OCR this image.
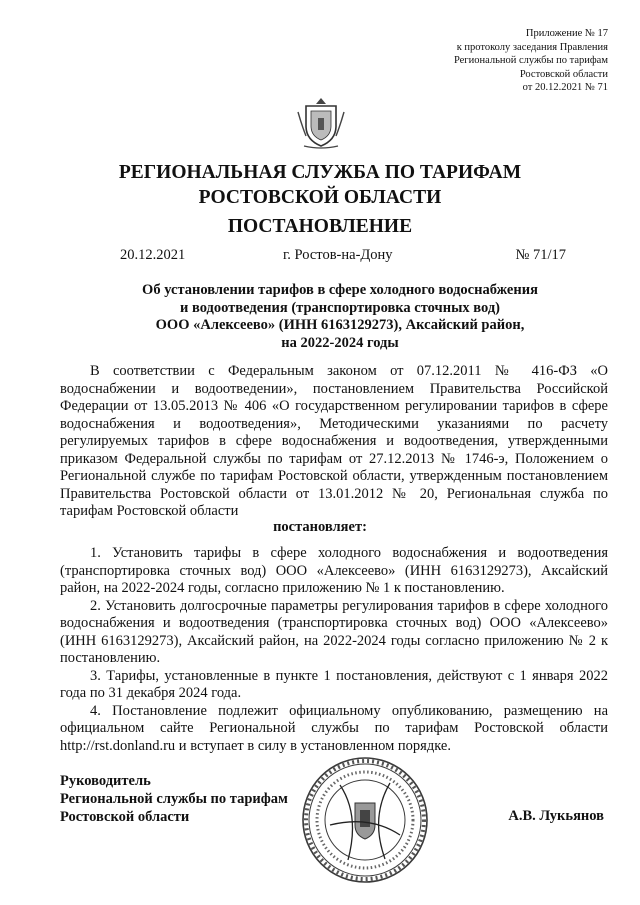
Приложение № 17
к протоколу заседания Правления
Региональной службы по тарифам
Ростовской области
от 20.12.2021 № 71
РЕГИОНАЛЬНАЯ СЛУЖБА ПО ТАРИФАМ
РОСТОВСКОЙ ОБЛАСТИ
ПОСТАНОВЛЕНИЕ
20.12.2021	г. Ростов-на-Дону	№ 71/17
Об установлении тарифов в сфере холодного водоснабжения
и водоотведения (транспортировка сточных вод)
ООО «Алексеево» (ИНН 6163129273), Аксайский район,
на 2022-2024 годы

В соответствии с Федеральным законом от 07.12.2011 № 416-ФЗ «О водоснабжении и водоотведении», постановлением Правительства Российской Федерации от 13.05.2013 № 406 «О государственном регулировании тарифов в сфере водоснабжения и водоотведения», Методическими указаниями по расчету регулируемых тарифов в сфере водоснабжения и водоотведения, утвержденными приказом Федеральной службы по тарифам от 27.12.2013 № 1746-э, Положением о Региональной службе по тарифам Ростовской области, утвержденным постановлением Правительства Ростовской области от 13.01.2012 № 20, Региональная служба по тарифам Ростовской области

постановляет:
1. Установить тарифы в сфере холодного водоснабжения и водоотведения (транспортировка сточных вод) ООО «Алексеево» (ИНН 6163129273), Аксайский район, на 2022-2024 годы, согласно приложению № 1 к постановлению.
2. Установить долгосрочные параметры регулирования тарифов в сфере холодного водоснабжения и водоотведения (транспортировка сточных вод) ООО «Алексеево» (ИНН 6163129273), Аксайский район, на 2022-2024 годы согласно приложению № 2 к постановлению.
3. Тарифы, установленные в пункте 1 постановления, действуют с 1 января 2022 года по 31 декабря 2024 года.
4. Постановление подлежит официальному опубликованию, размещению на официальном сайте Региональной службы по тарифам Ростовской области http://rst.donland.ru и вступает в силу в установленном порядке.
Руководитель
Региональной службы по тарифам
Ростовской области	А.В. Лукьянов
